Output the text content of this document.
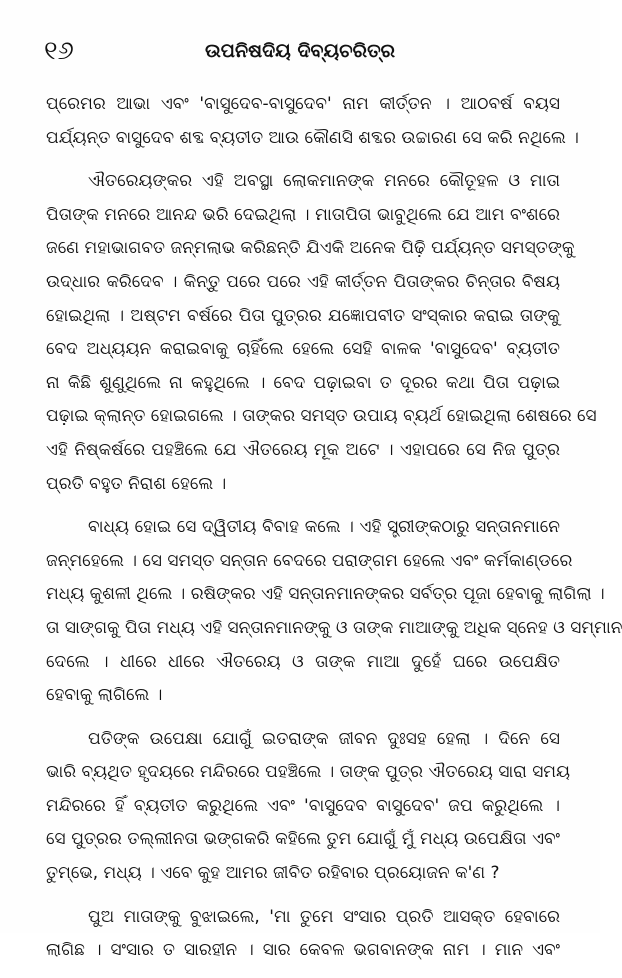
୧୬	ଉପନିଷଦିୟ ଦିବ୍ୟଚରିତ୍ର
ପ୍ରେମର ଆଭା ଏବଂ 'ବାସୁଦେବ-ବାସୁଦେବ' ନାମ କୀର୍ତ୍ତନ । ଆଠବର୍ଷ ବୟସ
ପର୍ଯ୍ୟନ୍ତ ବାସୁଦେବ ଶବ୍ଦ ବ୍ୟତୀତ ଆଉ କୌଣସି ଶବ୍ଦର ଉଚ୍ଚାରଣ ସେ କରି ନଥିଲେ ।
ଐତରେୟଙ୍କର ଏହି ଅବସ୍ଥା ଲୋକମାନଙ୍କ ମନରେ କୌତୂହଳ ଓ ମାତା
ପିତାଙ୍କ ମନରେ ଆନନ୍ଦ ଭରି ଦେଇଥିଲା । ମାତାପିତା ଭାବୁଥିଲେ ଯେ ଆମ ବଂଶରେ
ଜଣେ ମହାଭାଗବତ ଜନ୍ମଲାଭ କରିଛନ୍ତି ଯିଏକି ଅନେକ ପିଢ଼ି ପର୍ଯ୍ୟନ୍ତ ସମସ୍ତଙ୍କୁ
ଉଦ୍ଧାର କରିଦେବ । କିନ୍ତୁ ପରେ ପରେ ଏହି କୀର୍ତ୍ତନ ପିତାଙ୍କର ଚିନ୍ତାର ବିଷୟ
ହୋଇଥିଲା । ଅଷ୍ଟମ ବର୍ଷରେ ପିତା ପୁତ୍ରର ଯଜ୍ଞୋପବୀତ ସଂସ୍କାର କରାଇ ତାଙ୍କୁ
ବେଦ ଅଧ୍ୟୟନ କରାଇବାକୁ ଚାହିଁଲେ ହେଲେ ସେହି ବାଳକ 'ବାସୁଦେବ' ବ୍ୟତୀତ
ନା କିଛି ଶୁଣୁଥିଲେ ନା କହୁଥିଲେ । ବେଦ ପଢ଼ାଇବା ତ ଦୂରର କଥା ପିତା ପଢ଼ାଇ
ପଢ଼ାଇ କ୍ଲାନ୍ତ ହୋଇଗଲେ । ତାଙ୍କର ସମସ୍ତ ଉପାୟ ବ୍ୟର୍ଥ ହୋଇଥିଲା ଶେଷରେ ସେ
ଏହି ନିଷ୍କର୍ଷରେ ପହଞ୍ଚିଲେ ଯେ ଐତରେୟ ମୂକ ଅଟେ । ଏହାପରେ ସେ ନିଜ ପୁତ୍ର
ପ୍ରତି ବହୁତ ନିରାଶ ହେଲେ ।
ବାଧ୍ୟ ହୋଇ ସେ ଦ୍ୱିତୀୟ ବିବାହ କଲେ । ଏହି ସ୍ତ୍ରୀଙ୍କଠାରୁ ସନ୍ତାନମାନେ
ଜନ୍ମହେଲେ । ସେ ସମସ୍ତ ସନ୍ତାନ ବେଦରେ ପରାଙ୍ଗମ ହେଲେ ଏବଂ କର୍ମକାଣ୍ଡରେ
ମଧ୍ୟ କୁଶଳୀ ଥିଲେ । ରଷିଙ୍କର ଏହି ସନ୍ତାନମାନଙ୍କର ସର୍ବତ୍ର ପୂଜା ହେବାକୁ ଲାଗିଲା ।
ତା ସାଙ୍ଗକୁ ପିତା ମଧ୍ୟ ଏହି ସନ୍ତାନମାନଙ୍କୁ ଓ ତାଙ୍କ ମାଆଙ୍କୁ ଅଧିକ ସ୍ନେହ ଓ ସମ୍ମାନ
ଦେଲେ । ଧୀରେ ଧୀରେ ଐତରେୟ ଓ ତାଙ୍କ ମାଆ ଦୁହେଁ ଘରେ ଉପେକ୍ଷିତ
ହେବାକୁ ଲାଗିଲେ ।
ପତିଙ୍କ ଉପେକ୍ଷା ଯୋଗୁଁ ଇତରାଙ୍କ ଜୀବନ ଦୁଃସହ ହେଲା । ଦିନେ ସେ
ଭାରି ବ୍ୟଥିତ ହୃଦୟରେ ମନ୍ଦିରରେ ପହଞ୍ଚିଲେ । ତାଙ୍କ ପୁତ୍ର ଐତରେୟ ସାରା ସମୟ
ମନ୍ଦିରରେ ହିଁ ବ୍ୟତୀତ କରୁଥିଲେ ଏବଂ 'ବାସୁଦେବ ବାସୁଦେବ' ଜପ କରୁଥିଲେ ।
ସେ ପୁତ୍ରର ତଲ୍ଲୀନତା ଭଙ୍ଗକରି କହିଲେ ତୁମ ଯୋଗୁଁ ମୁଁ ମଧ୍ୟ ଉପେକ୍ଷିତା ଏବଂ
ତୁମ୍ଭେ, ମଧ୍ୟ । ଏବେ କୁହ ଆମର ଜୀବିତ ରହିବାର ପ୍ରୟୋଜନ କ'ଣ ?
ପୁଅ ମାତାଙ୍କୁ ବୁଝାଇଲେ, 'ମା ତୁମେ ସଂସାର ପ୍ରତି ଆସକ୍ତ ହେବାରେ
ଲାଗିଛ । ସଂସାର ତ ସାରହୀନ । ସାର କେବଳ ଭଗବାନଙ୍କ ନାମ । ମାନ ଏବଂ
